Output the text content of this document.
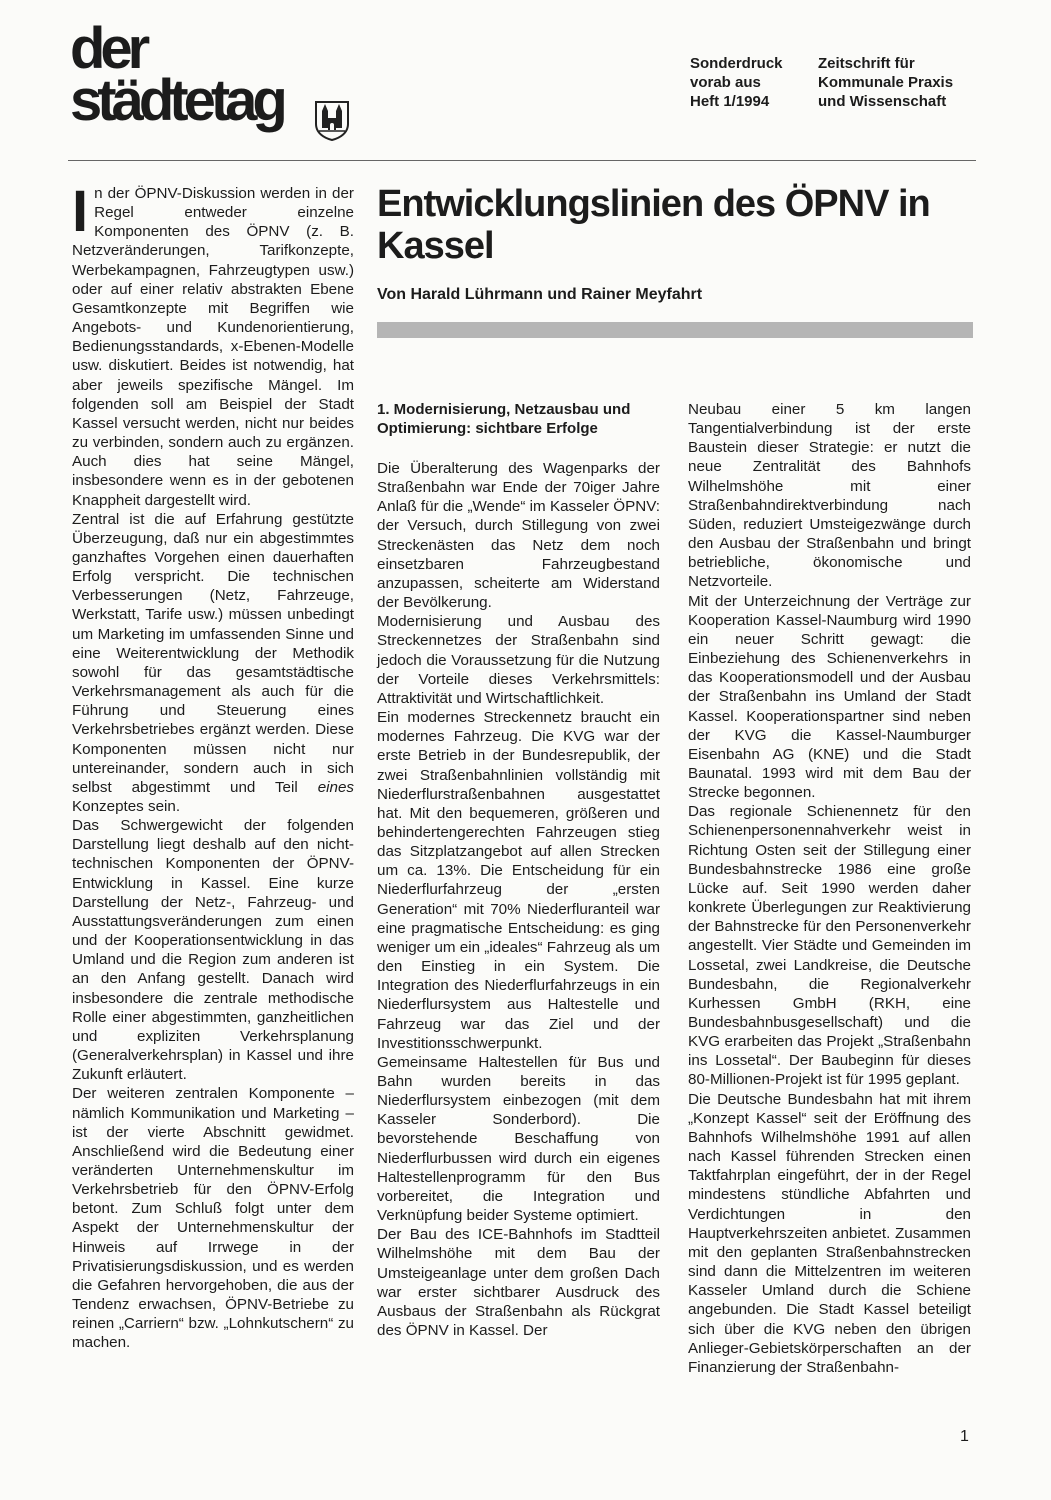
der
städtetag
Sonderdruck
vorab aus
Heft 1/1994
Zeitschrift für
Kommunale Praxis
und Wissenschaft
I n der ÖPNV-Diskussion werden in der Regel entweder einzelne Komponenten des ÖPNV (z. B. Netzveränderungen, Tarifkonzepte, Werbekampagnen, Fahrzeugtypen usw.) oder auf einer relativ abstrakten Ebene Gesamtkonzepte mit Begriffen wie Angebots- und Kundenorientierung, Bedienungsstandards, x-Ebenen-Modelle usw. diskutiert. Beides ist notwendig, hat aber jeweils spezifische Mängel. Im folgenden soll am Beispiel der Stadt Kassel versucht werden, nicht nur beides zu verbinden, sondern auch zu ergänzen. Auch dies hat seine Mängel, insbesondere wenn es in der gebotenen Knappheit dargestellt wird.

Zentral ist die auf Erfahrung gestützte Überzeugung, daß nur ein abgestimmtes ganzhaftes Vorgehen einen dauerhaften Erfolg verspricht. Die technischen Verbesserungen (Netz, Fahrzeuge, Werkstatt, Tarife usw.) müssen unbedingt um Marketing im umfassenden Sinne und eine Weiterentwicklung der Methodik sowohl für das gesamtstädtische Verkehrsmanagement als auch für die Führung und Steuerung eines Verkehrsbetriebes ergänzt werden. Diese Komponenten müssen nicht nur untereinander, sondern auch in sich selbst abgestimmt und Teil eines Konzeptes sein.

Das Schwergewicht der folgenden Darstellung liegt deshalb auf den nicht-technischen Komponenten der ÖPNV-Entwicklung in Kassel. Eine kurze Darstellung der Netz-, Fahrzeug- und Ausstattungsveränderungen zum einen und der Kooperationsentwicklung in das Umland und die Region zum anderen ist an den Anfang gestellt. Danach wird insbesondere die zentrale methodische Rolle einer abgestimmten, ganzheitlichen und expliziten Verkehrsplanung (Generalverkehrsplan) in Kassel und ihre Zukunft erläutert.

Der weiteren zentralen Komponente – nämlich Kommunikation und Marketing – ist der vierte Abschnitt gewidmet. Anschließend wird die Bedeutung einer veränderten Unternehmenskultur im Verkehrsbetrieb für den ÖPNV-Erfolg betont. Zum Schluß folgt unter dem Aspekt der Unternehmenskultur der Hinweis auf Irrwege in der Privatisierungsdiskussion, und es werden die Gefahren hervorgehoben, die aus der Tendenz erwachsen, ÖPNV-Betriebe zu reinen „Carriern“ bzw. „Lohnkutschern“ zu machen.

Entwicklungslinien des ÖPNV in Kassel
Von Harald Lührmann und Rainer Meyfahrt
1. Modernisierung, Netzausbau und Optimierung: sichtbare Erfolge

Die Überalterung des Wagenparks der Straßenbahn war Ende der 70iger Jahre Anlaß für die „Wende“ im Kasseler ÖPNV: der Versuch, durch Stillegung von zwei Streckenästen das Netz dem noch einsetzbaren Fahrzeugbestand anzupassen, scheiterte am Widerstand der Bevölkerung.

Modernisierung und Ausbau des Streckennetzes der Straßenbahn sind jedoch die Voraussetzung für die Nutzung der Vorteile dieses Verkehrsmittels: Attraktivität und Wirtschaftlichkeit.

Ein modernes Streckennetz braucht ein modernes Fahrzeug. Die KVG war der erste Betrieb in der Bundesrepublik, der zwei Straßenbahnlinien vollständig mit Niederflurstraßenbahnen ausgestattet hat. Mit den bequemeren, größeren und behindertengerechten Fahrzeugen stieg das Sitzplatzangebot auf allen Strecken um ca. 13%. Die Entscheidung für ein Niederflurfahrzeug der „ersten Generation“ mit 70% Niederfluranteil war eine pragmatische Entscheidung: es ging weniger um ein „ideales“ Fahrzeug als um den Einstieg in ein System. Die Integration des Niederflurfahrzeugs in ein Niederflursystem aus Haltestelle und Fahrzeug war das Ziel und der Investitionsschwerpunkt.

Gemeinsame Haltestellen für Bus und Bahn wurden bereits in das Niederflursystem einbezogen (mit dem Kasseler Sonderbord). Die bevorstehende Beschaffung von Niederflurbussen wird durch ein eigenes Haltestellenprogramm für den Bus vorbereitet, die Integration und Verknüpfung beider Systeme optimiert.

Der Bau des ICE-Bahnhofs im Stadtteil Wilhelmshöhe mit dem Bau der Umsteigeanlage unter dem großen Dach war erster sichtbarer Ausdruck des Ausbaus der Straßenbahn als Rückgrat des ÖPNV in Kassel. Der

Neubau einer 5 km langen Tangentialverbindung ist der erste Baustein dieser Strategie: er nutzt die neue Zentralität des Bahnhofs Wilhelmshöhe mit einer Straßenbahndirektverbindung nach Süden, reduziert Umsteigezwänge durch den Ausbau der Straßenbahn und bringt betriebliche, ökonomische und Netzvorteile.

Mit der Unterzeichnung der Verträge zur Kooperation Kassel-Naumburg wird 1990 ein neuer Schritt gewagt: die Einbeziehung des Schienenverkehrs in das Kooperationsmodell und der Ausbau der Straßenbahn ins Umland der Stadt Kassel. Kooperationspartner sind neben der KVG die Kassel-Naumburger Eisenbahn AG (KNE) und die Stadt Baunatal. 1993 wird mit dem Bau der Strecke begonnen.

Das regionale Schienennetz für den Schienenpersonennahverkehr weist in Richtung Osten seit der Stillegung einer Bundesbahnstrecke 1986 eine große Lücke auf. Seit 1990 werden daher konkrete Überlegungen zur Reaktivierung der Bahnstrecke für den Personenverkehr angestellt. Vier Städte und Gemeinden im Lossetal, zwei Landkreise, die Deutsche Bundesbahn, die Regionalverkehr Kurhessen GmbH (RKH, eine Bundesbahnbusgesellschaft) und die KVG erarbeiten das Projekt „Straßenbahn ins Lossetal“. Der Baubeginn für dieses 80-Millionen-Projekt ist für 1995 geplant.

Die Deutsche Bundesbahn hat mit ihrem „Konzept Kassel“ seit der Eröffnung des Bahnhofs Wilhelmshöhe 1991 auf allen nach Kassel führenden Strecken einen Taktfahrplan eingeführt, der in der Regel mindestens stündliche Abfahrten und Verdichtungen in den Hauptverkehrszeiten anbietet. Zusammen mit den geplanten Straßenbahnstrecken sind dann die Mittelzentren im weiteren Kasseler Umland durch die Schiene angebunden. Die Stadt Kassel beteiligt sich über die KVG neben den übrigen Anlieger-Gebietskörperschaften an der Finanzierung der Straßenbahn-

1
